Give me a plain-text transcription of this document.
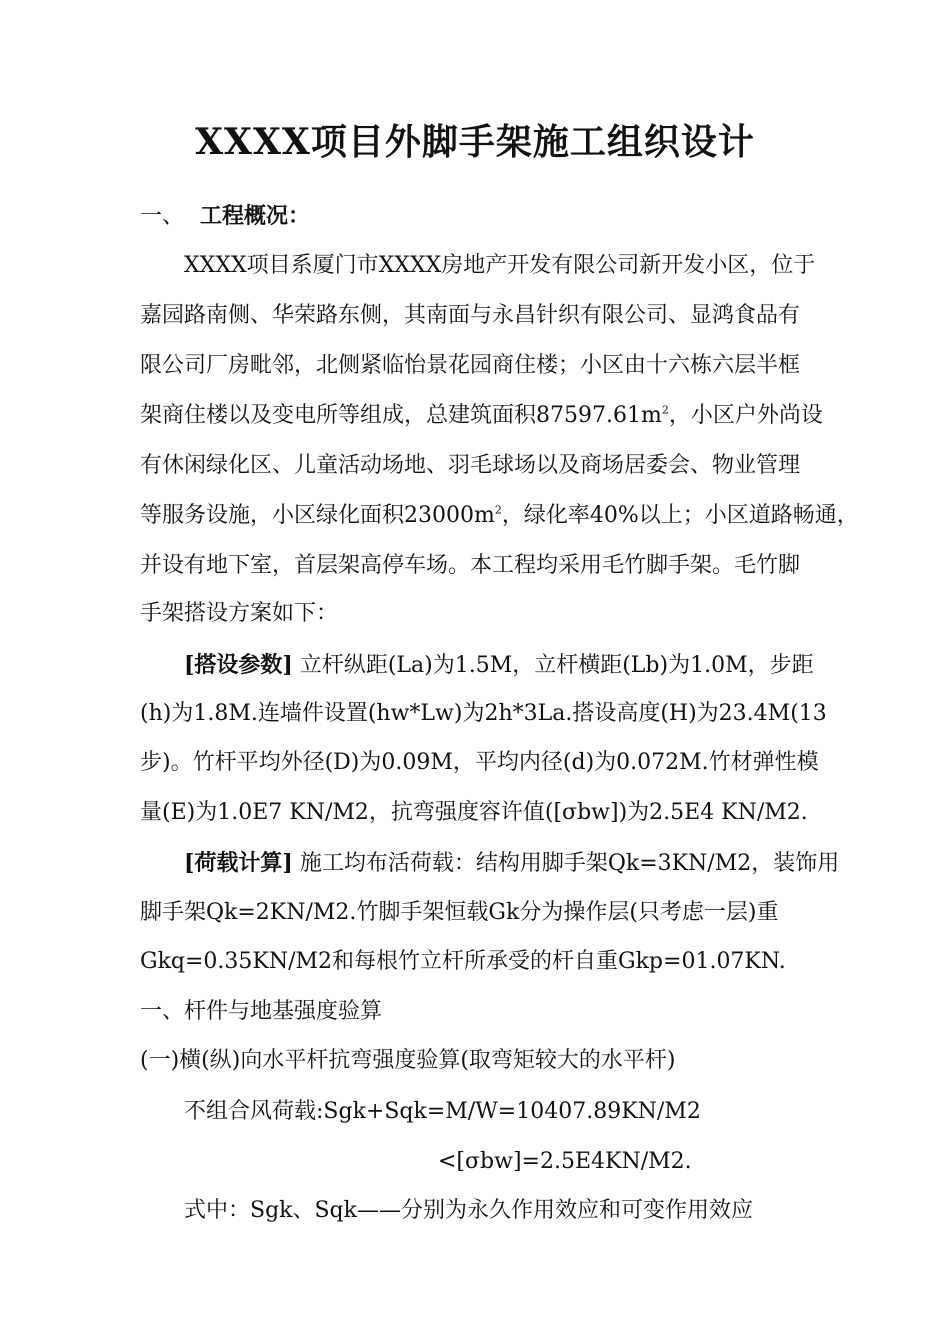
XXXX项目外脚手架施工组织设计
一、 工程概况：
XXXX项目系厦门市XXXX房地产开发有限公司新开发小区，位于
嘉园路南侧、华荣路东侧，其南面与永昌针织有限公司、显鸿食品有
限公司厂房毗邻，北侧紧临怡景花园商住楼；小区由十六栋六层半框
架商住楼以及变电所等组成，总建筑面积$87597.61m^2$，小区户外尚设
有休闲绿化区、儿童活动场地、羽毛球场以及商场居委会、物业管理
等服务设施，小区绿化面积$23000m^2$，绿化率40%以上；小区道路畅通，
并设有地下室，首层架高停车场。本工程均采用毛竹脚手架。毛竹脚
手架搭设方案如下：
[搭设参数] 立杆纵距(La)为1.5M，立杆横距(Lb)为1.0M，步距
(h)为1.8M.连墙件设置(hw*Lw)为2h*3La.搭设高度(H)为23.4M(13
步)。竹杆平均外径(D)为0.09M，平均内径(d)为0.072M.竹材弹性模
量(E)为1.0E7 KN/M2，抗弯强度容许值([σbw])为2.5E4 KN/M2.
[荷载计算] 施工均布活荷载：结构用脚手架Qk=3KN/M2，装饰用
脚手架Qk=2KN/M2.竹脚手架恒载Gk分为操作层(只考虑一层)重
Gkq=0.35KN/M2和每根竹立杆所承受的杆自重Gkp=01.07KN.
一、杆件与地基强度验算
(一)横(纵)向水平杆抗弯强度验算(取弯矩较大的水平杆)
不组合风荷载:Sgk+Sqk=M/W=10407.89KN/M2
<[σbw]=2.5E4KN/M2.
式中：Sgk、Sqk——分别为永久作用效应和可变作用效应
